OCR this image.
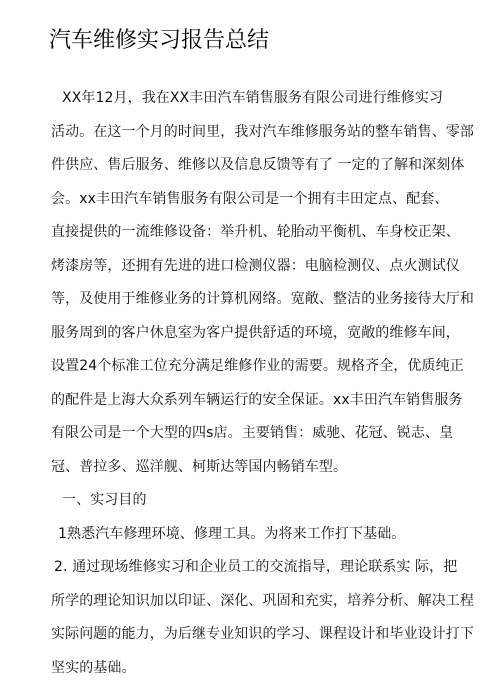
汽车维修实习报告总结
XX年12月，我在XX丰田汽车销售服务有限公司进行维修实习
活动。在这一个月的时间里，我对汽车维修服务站的整车销售、零部
件供应、售后服务、维修以及信息反馈等有了 一定的了解和深刻体
会。xx丰田汽车销售服务有限公司是一个拥有丰田定点、配套、
直接提供的一流维修设备：举升机、轮胎动平衡机、车身校正架、
烤漆房等，还拥有先进的进口检测仪器：电脑检测仪、点火测试仪
等，及使用于维修业务的计算机网络。宽敞、整洁的业务接待大厅和
服务周到的客户休息室为客户提供舒适的环境，宽敞的维修车间，
设置24个标准工位充分满足维修作业的需要。规格齐全，优质纯正
的配件是上海大众系列车辆运行的安全保证。xx丰田汽车销售服务
有限公司是一个大型的四s店。主要销售：威驰、花冠、锐志、皇
冠、普拉多、巡洋舰、柯斯达等国内畅销车型。
一、实习目的
1熟悉汽车修理环境、修理工具。为将来工作打下基础。
2. 通过现场维修实习和企业员工的交流指导，理论联系实 际，把
所学的理论知识加以印证、深化、巩固和充实，培养分析、解决工程
实际问题的能力，为后继专业知识的学习、课程设计和毕业设计打下
坚实的基础。
